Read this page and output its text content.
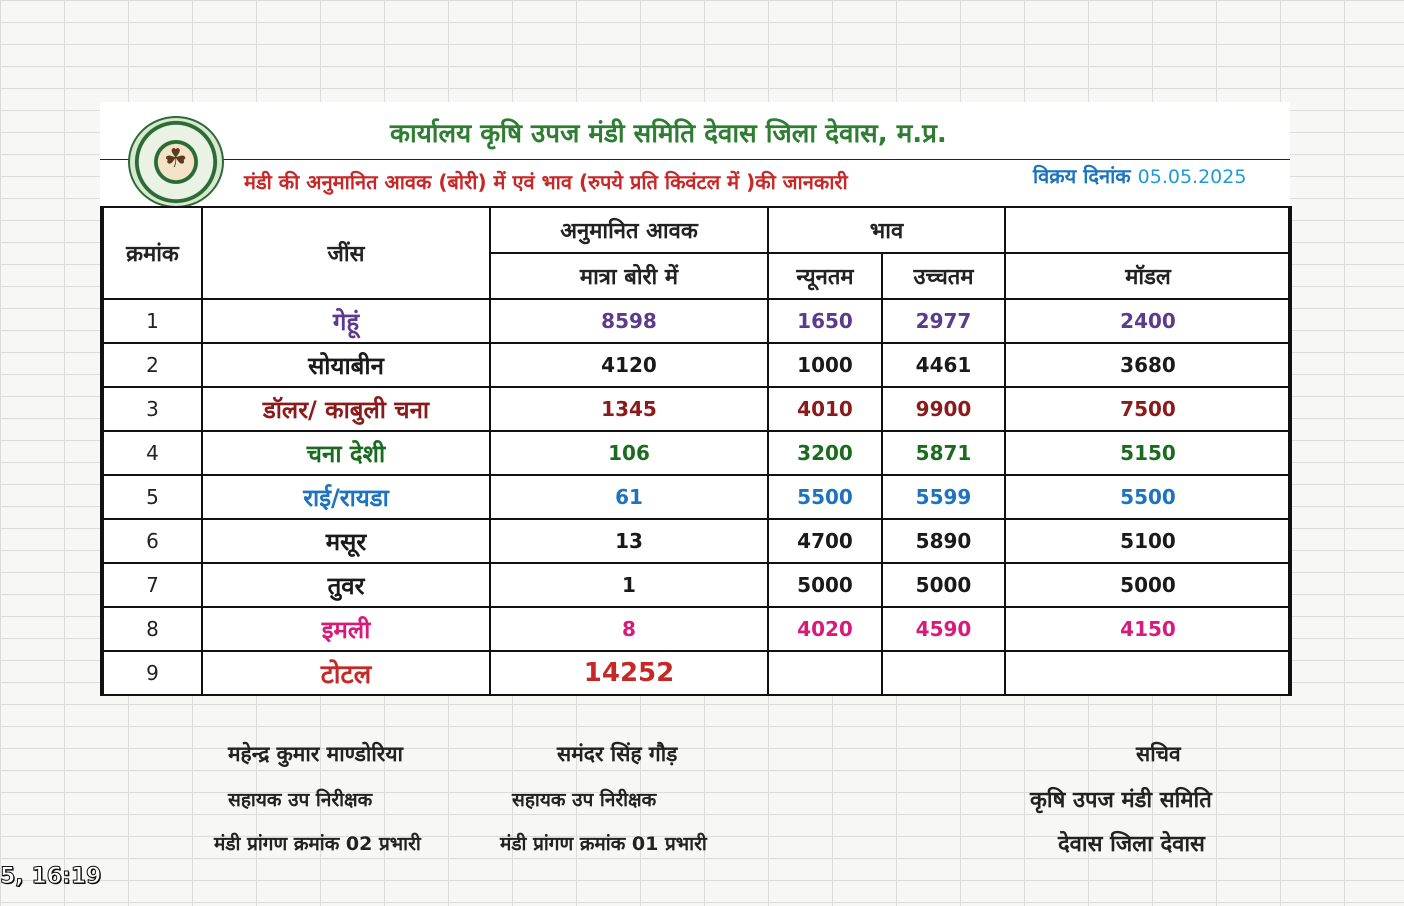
कार्यालय कृषि उपज मंडी समिति देवास जिला देवास, म.प्र.
मंडी की अनुमानित आवक (बोरी) में एवं भाव (रुपये प्रति किवंटल में )की जानकारी	विक्रय दिनांक 05.05.2025
☘
क्रमांक	जींस	अनुमानित आवक	भाव		
		मात्रा बोरी में	न्यूनतम	उच्चतम	मॉडल
1	गेहूं	8598	1650	2977	2400
2	सोयाबीन	4120	1000	4461	3680
3	डॉलर/ काबुली चना	1345	4010	9900	7500
4	चना देशी	106	3200	5871	5150
5	राई/रायडा	61	5500	5599	5500
6	मसूर	13	4700	5890	5100
7	तुवर	1	5000	5000	5000
8	इमली	8	4020	4590	4150
9	टोटल	14252			
महेन्द्र कुमार माण्डोरिया
सहायक उप निरीक्षक
मंडी प्रांगण क्रमांक 02 प्रभारी
समंदर सिंह गौड़
सहायक उप निरीक्षक
मंडी प्रांगण क्रमांक 01 प्रभारी
सचिव
कृषि उपज मंडी समिति
देवास जिला देवास
5, 16:19
